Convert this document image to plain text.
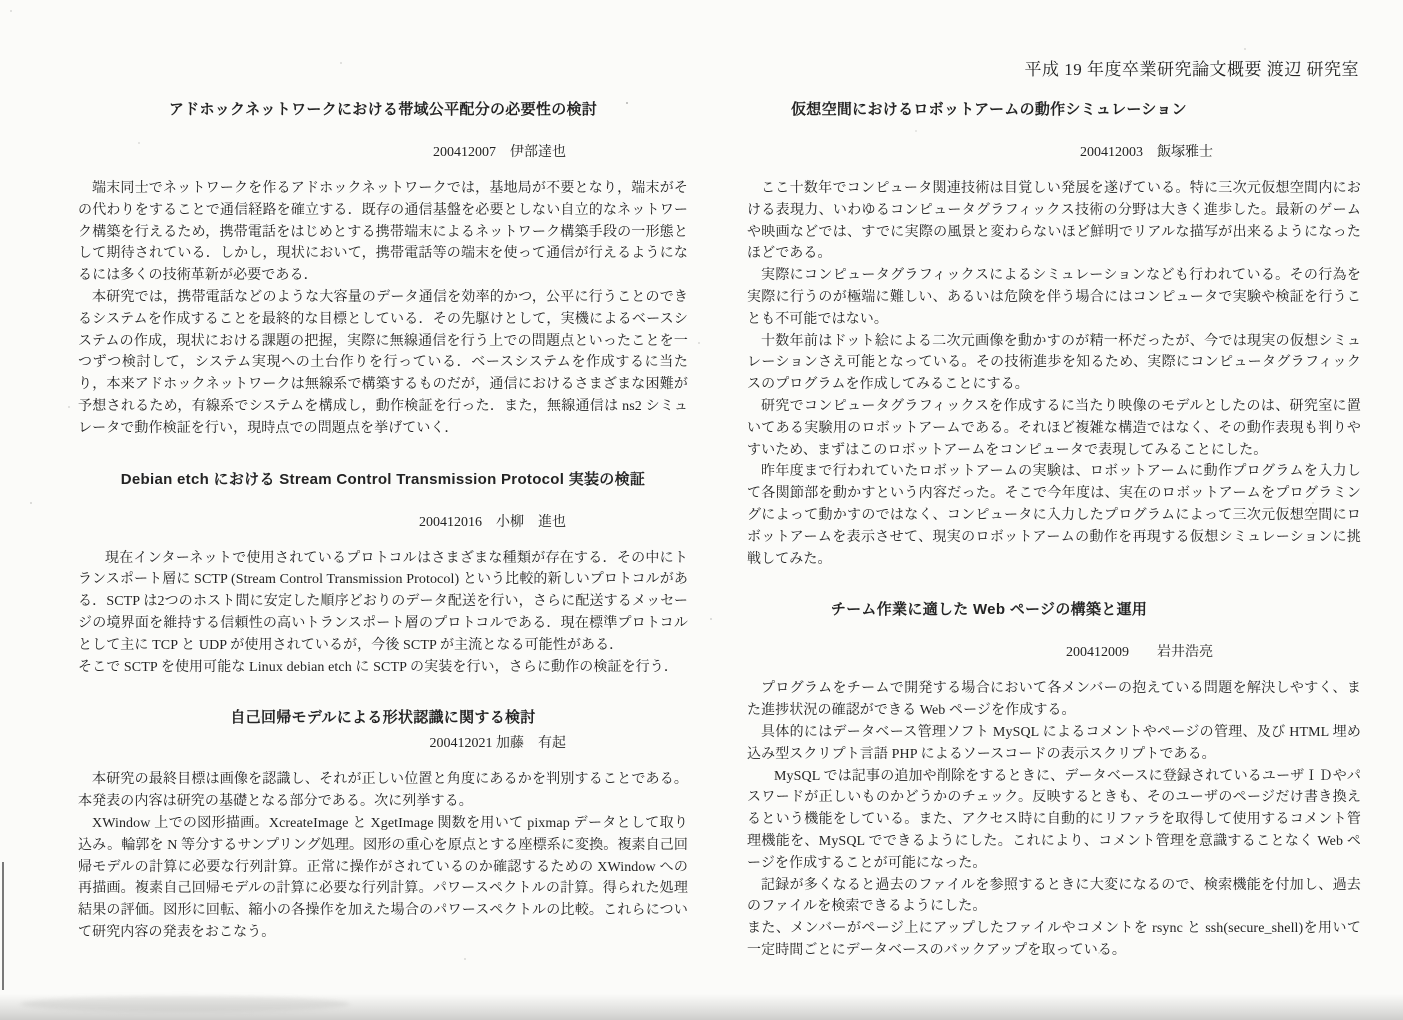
平成 19 年度卒業研究論文概要 渡辺 研究室
アドホックネットワークにおける帯域公平配分の必要性の検討
200412007　伊部達也

端末同士でネットワークを作るアドホックネットワークでは，基地局が不要となり，端末がその代わりをすることで通信経路を確立する．既存の通信基盤を必要としない自立的なネットワーク構築を行えるため，携帯電話をはじめとする携帯端末によるネットワーク構築手段の一形態として期待されている．しかし，現状において，携帯電話等の端末を使って通信が行えるようになるには多くの技術革新が必要である．

本研究では，携帯電話などのような大容量のデータ通信を効率的かつ，公平に行うことのできるシステムを作成することを最終的な目標としている．その先駆けとして，実機によるベースシステムの作成，現状における課題の把握，実際に無線通信を行う上での問題点といったことを一つずつ検討して，システム実現への土台作りを行っている．ベースシステムを作成するに当たり，本来アドホックネットワークは無線系で構築するものだが，通信におけるさまざまな困難が予想されるため，有線系でシステムを構成し，動作検証を行った．また，無線通信は ns2 シミュレータで動作検証を行い，現時点での問題点を挙げていく．

Debian etch における Stream Control Transmission Protocol 実装の検証
200412016　小柳　進也

現在インターネットで使用されているプロトコルはさまざまな種類が存在する．その中にトランスポート層に SCTP (Stream Control Transmission Protocol) という比較的新しいプロトコルがある．SCTP は2つのホスト間に安定した順序どおりのデータ配送を行い，さらに配送するメッセージの境界面を維持する信頼性の高いトランスポート層のプロトコルである．現在標準プロトコルとして主に TCP と UDP が使用されているが，今後 SCTP が主流となる可能性がある．

そこで SCTP を使用可能な Linux debian etch に SCTP の実装を行い，さらに動作の検証を行う．

自己回帰モデルによる形状認識に関する検討
200412021 加藤　有起

本研究の最終目標は画像を認識し、それが正しい位置と角度にあるかを判別することである。本発表の内容は研究の基礎となる部分である。次に列挙する。

XWindow 上での図形描画。XcreateImage と XgetImage 関数を用いて pixmap データとして取り込み。輪郭を N 等分するサンプリング処理。図形の重心を原点とする座標系に変換。複素自己回帰モデルの計算に必要な行列計算。正常に操作がされているのか確認するための XWindow への再描画。複素自己回帰モデルの計算に必要な行列計算。パワースペクトルの計算。得られた処理結果の評価。図形に回転、縮小の各操作を加えた場合のパワースペクトルの比較。これらについて研究内容の発表をおこなう。

仮想空間におけるロボットアームの動作シミュレーション
200412003　飯塚雅士

ここ十数年でコンピュータ関連技術は目覚しい発展を遂げている。特に三次元仮想空間内における表現力、いわゆるコンピュータグラフィックス技術の分野は大きく進歩した。最新のゲームや映画などでは、すでに実際の風景と変わらないほど鮮明でリアルな描写が出来るようになったほどである。

実際にコンピュータグラフィックスによるシミュレーションなども行われている。その行為を実際に行うのが極端に難しい、あるいは危険を伴う場合にはコンピュータで実験や検証を行うことも不可能ではない。

十数年前はドット絵による二次元画像を動かすのが精一杯だったが、今では現実の仮想シミュレーションさえ可能となっている。その技術進歩を知るため、実際にコンピュータグラフィックスのプログラムを作成してみることにする。

研究でコンピュータグラフィックスを作成するに当たり映像のモデルとしたのは、研究室に置いてある実験用のロボットアームである。それほど複雑な構造ではなく、その動作表現も判りやすいため、まずはこのロボットアームをコンピュータで表現してみることにした。

昨年度まで行われていたロボットアームの実験は、ロボットアームに動作プログラムを入力して各関節部を動かすという内容だった。そこで今年度は、実在のロボットアームをプログラミングによって動かすのではなく、コンピュータに入力したプログラムによって三次元仮想空間にロボットアームを表示させて、現実のロボットアームの動作を再現する仮想シミュレーションに挑戦してみた。

チーム作業に適した Web ページの構築と運用
200412009　　岩井浩亮

プログラムをチームで開発する場合において各メンバーの抱えている問題を解決しやすく、また進捗状況の確認ができる Web ページを作成する。

具体的にはデータベース管理ソフト MySQL によるコメントやページの管理、及び HTML 埋め込み型スクリプト言語 PHP によるソースコードの表示スクリプトである。

MySQL では記事の追加や削除をするときに、データベースに登録されているユーザＩＤやパスワードが正しいものかどうかのチェック。反映するときも、そのユーザのページだけ書き換えるという機能をしている。また、アクセス時に自動的にリファラを取得して使用するコメント管理機能を、MySQL でできるようにした。これにより、コメント管理を意識することなく Web ページを作成することが可能になった。

記録が多くなると過去のファイルを参照するときに大変になるので、検索機能を付加し、過去のファイルを検索できるようにした。

また、メンバーがページ上にアップしたファイルやコメントを rsync と ssh(secure_shell)を用いて一定時間ごとにデータベースのバックアップを取っている。
